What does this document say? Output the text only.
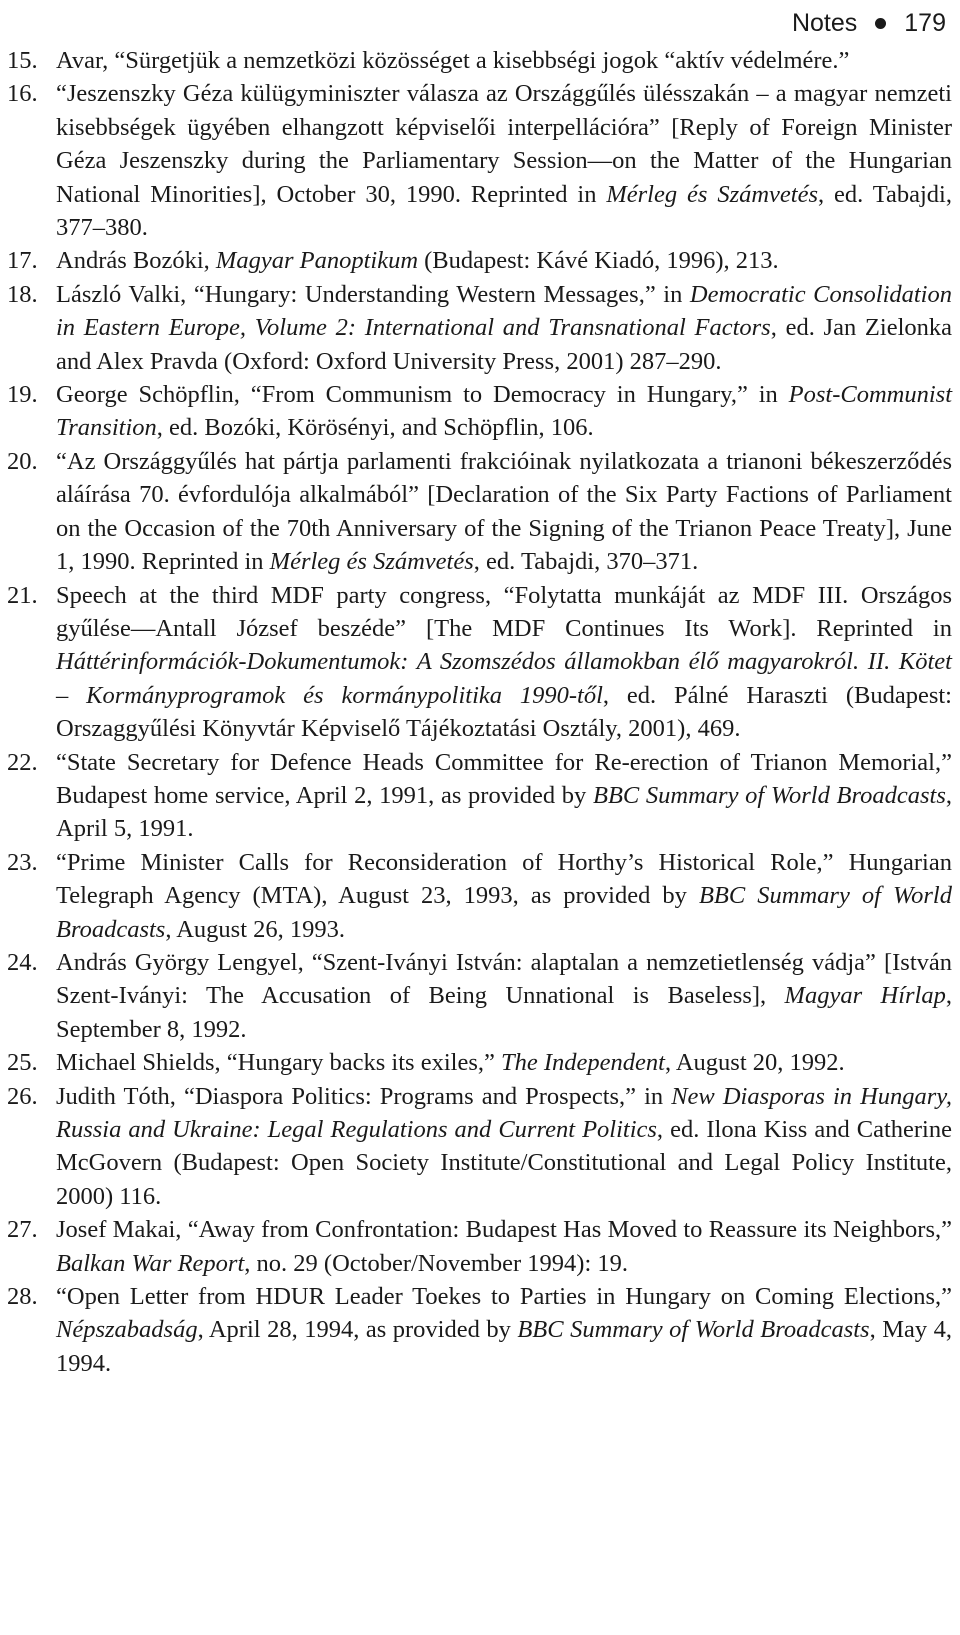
Notes 179
15. Avar, “Sürgetjük a nemzetközi közösséget a kisebbségi jogok “aktív védelmére.”
16. “Jeszenszky Géza külügyminiszter válasza az Országgűlés ülésszakán – a magyar nemzeti kisebbségek ügyében elhangzott képviselői interpellációra” [Reply of Foreign Minister Géza Jeszenszky during the Parliamentary Session—on the Matter of the Hungarian National Minorities], October 30, 1990. Reprinted in Mérleg és Számvetés, ed. Tabajdi, 377–380.
17. András Bozóki, Magyar Panoptikum (Budapest: Kávé Kiadó, 1996), 213.
18. László Valki, “Hungary: Understanding Western Messages,” in Democratic Consolidation in Eastern Europe, Volume 2: International and Transnational Factors, ed. Jan Zielonka and Alex Pravda (Oxford: Oxford University Press, 2001) 287–290.
19. George Schöpflin, “From Communism to Democracy in Hungary,” in Post-Communist Transition, ed. Bozóki, Körösényi, and Schöpflin, 106.
20. “Az Országgyűlés hat pártja parlamenti frakcióinak nyilatkozata a trianoni békeszerződés aláírása 70. évfordulója alkalmából” [Declaration of the Six Party Factions of Parliament on the Occasion of the 70th Anniversary of the Signing of the Trianon Peace Treaty], June 1, 1990. Reprinted in Mérleg és Számvetés, ed. Tabajdi, 370–371.
21. Speech at the third MDF party congress, “Folytatta munkáját az MDF III. Országos gyűlése—Antall József beszéde” [The MDF Continues Its Work]. Reprinted in Háttérinformációk-Dokumentumok: A Szomszédos államokban élő magyarokról. II. Kötet – Kormányprogramok és kormánypolitika 1990-től, ed. Pálné Haraszti (Budapest: Orszaggyűlési Könyvtár Képviselő Tájékoztatási Osztály, 2001), 469.
22. “State Secretary for Defence Heads Committee for Re-erection of Trianon Memorial,” Budapest home service, April 2, 1991, as provided by BBC Summary of World Broadcasts, April 5, 1991.
23. “Prime Minister Calls for Reconsideration of Horthy’s Historical Role,” Hungarian Telegraph Agency (MTA), August 23, 1993, as provided by BBC Summary of World Broadcasts, August 26, 1993.
24. András György Lengyel, “Szent-Iványi István: alaptalan a nemzetietlenség vádja” [István Szent-Iványi: The Accusation of Being Unnational is Baseless], Magyar Hírlap, September 8, 1992.
25. Michael Shields, “Hungary backs its exiles,” The Independent, August 20, 1992.
26. Judith Tóth, “Diaspora Politics: Programs and Prospects,” in New Diasporas in Hungary, Russia and Ukraine: Legal Regulations and Current Politics, ed. Ilona Kiss and Catherine McGovern (Budapest: Open Society Institute/Constitutional and Legal Policy Institute, 2000) 116.
27. Josef Makai, “Away from Confrontation: Budapest Has Moved to Reassure its Neighbors,” Balkan War Report, no. 29 (October/November 1994): 19.
28. “Open Letter from HDUR Leader Toekes to Parties in Hungary on Coming Elections,” Népszabadság, April 28, 1994, as provided by BBC Summary of World Broadcasts, May 4, 1994.
